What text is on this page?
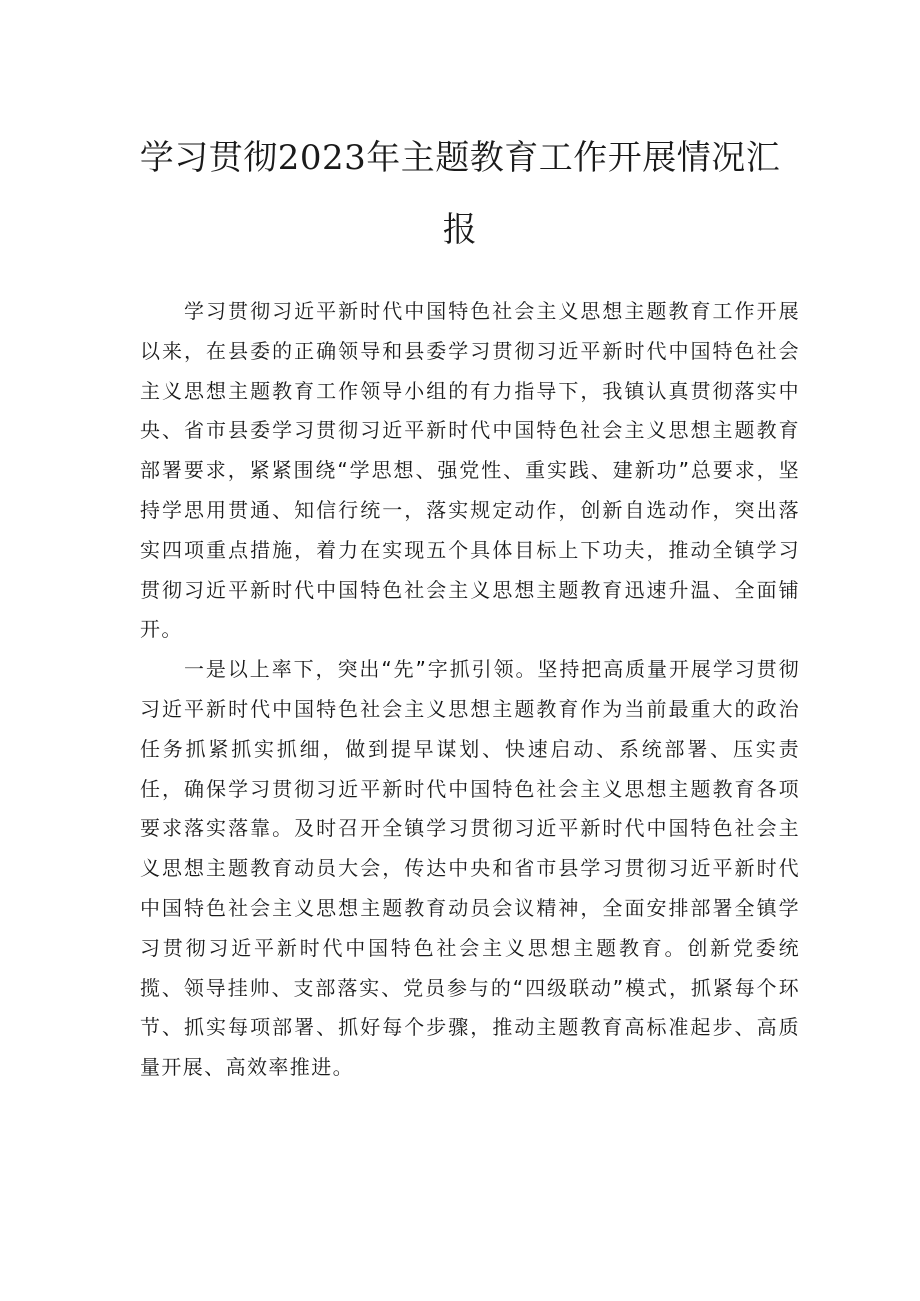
学习贯彻2023年主题教育工作开展情况汇
报

学习贯彻习近平新时代中国特色社会主义思想主题教育工作开展以来，在县委的正确领导和县委学习贯彻习近平新时代中国特色社会主义思想主题教育工作领导小组的有力指导下，我镇认真贯彻落实中央、省市县委学习贯彻习近平新时代中国特色社会主义思想主题教育部署要求，紧紧围绕“学思想、强党性、重实践、建新功”总要求，坚持学思用贯通、知信行统一，落实规定动作，创新自选动作，突出落实四项重点措施，着力在实现五个具体目标上下功夫，推动全镇学习贯彻习近平新时代中国特色社会主义思想主题教育迅速升温、全面铺开。

一是以上率下，突出“先”字抓引领。坚持把高质量开展学习贯彻习近平新时代中国特色社会主义思想主题教育作为当前最重大的政治任务抓紧抓实抓细，做到提早谋划、快速启动、系统部署、压实责任，确保学习贯彻习近平新时代中国特色社会主义思想主题教育各项要求落实落靠。及时召开全镇学习贯彻习近平新时代中国特色社会主义思想主题教育动员大会，传达中央和省市县学习贯彻习近平新时代中国特色社会主义思想主题教育动员会议精神，全面安排部署全镇学习贯彻习近平新时代中国特色社会主义思想主题教育。创新党委统揽、领导挂帅、支部落实、党员参与的“四级联动”模式，抓紧每个环节、抓实每项部署、抓好每个步骤，推动主题教育高标准起步、高质量开展、高效率推进。
